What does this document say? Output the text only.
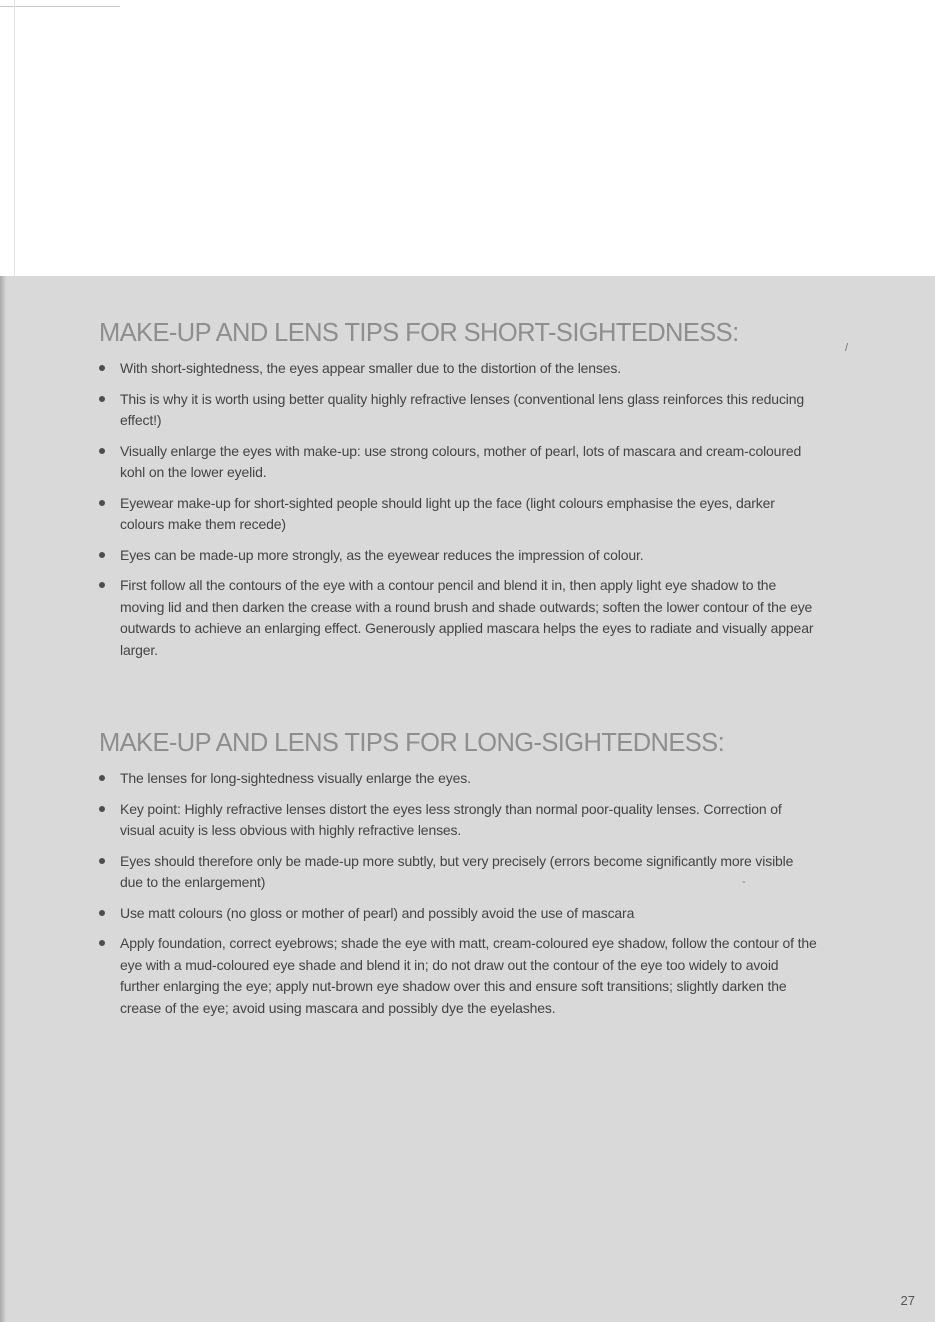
/
-
MAKE-UP AND LENS TIPS FOR SHORT-SIGHTEDNESS:
With short-sightedness, the eyes appear smaller due to the distortion of the lenses.
This is why it is worth using better quality highly refractive lenses (conventional lens glass reinforces this reducing effect!)
Visually enlarge the eyes with make-up: use strong colours, mother of pearl, lots of mascara and cream-coloured kohl on the lower eyelid.
Eyewear make-up for short-sighted people should light up the face (light colours emphasise the eyes, darker colours make them recede)
Eyes can be made-up more strongly, as the eyewear reduces the impression of colour.
First follow all the contours of the eye with a contour pencil and blend it in, then apply light eye shadow to the moving lid and then darken the crease with a round brush and shade outwards; soften the lower contour of the eye outwards to achieve an enlarging effect. Generously applied mascara helps the eyes to radiate and visually appear larger.
MAKE-UP AND LENS TIPS FOR LONG-SIGHTEDNESS:
The lenses for long-sightedness visually enlarge the eyes.
Key point: Highly refractive lenses distort the eyes less strongly than normal poor-quality lenses. Correction of visual acuity is less obvious with highly refractive lenses.
Eyes should therefore only be made-up more subtly, but very precisely (errors become significantly more visible due to the enlargement)
Use matt colours (no gloss or mother of pearl) and possibly avoid the use of mascara
Apply foundation, correct eyebrows; shade the eye with matt, cream-coloured eye shadow, follow the contour of the eye with a mud-coloured eye shade and blend it in; do not draw out the contour of the eye too widely to avoid further enlarging the eye; apply nut-brown eye shadow over this and ensure soft transitions; slightly darken the crease of the eye; avoid using mascara and possibly dye the eyelashes.
27
